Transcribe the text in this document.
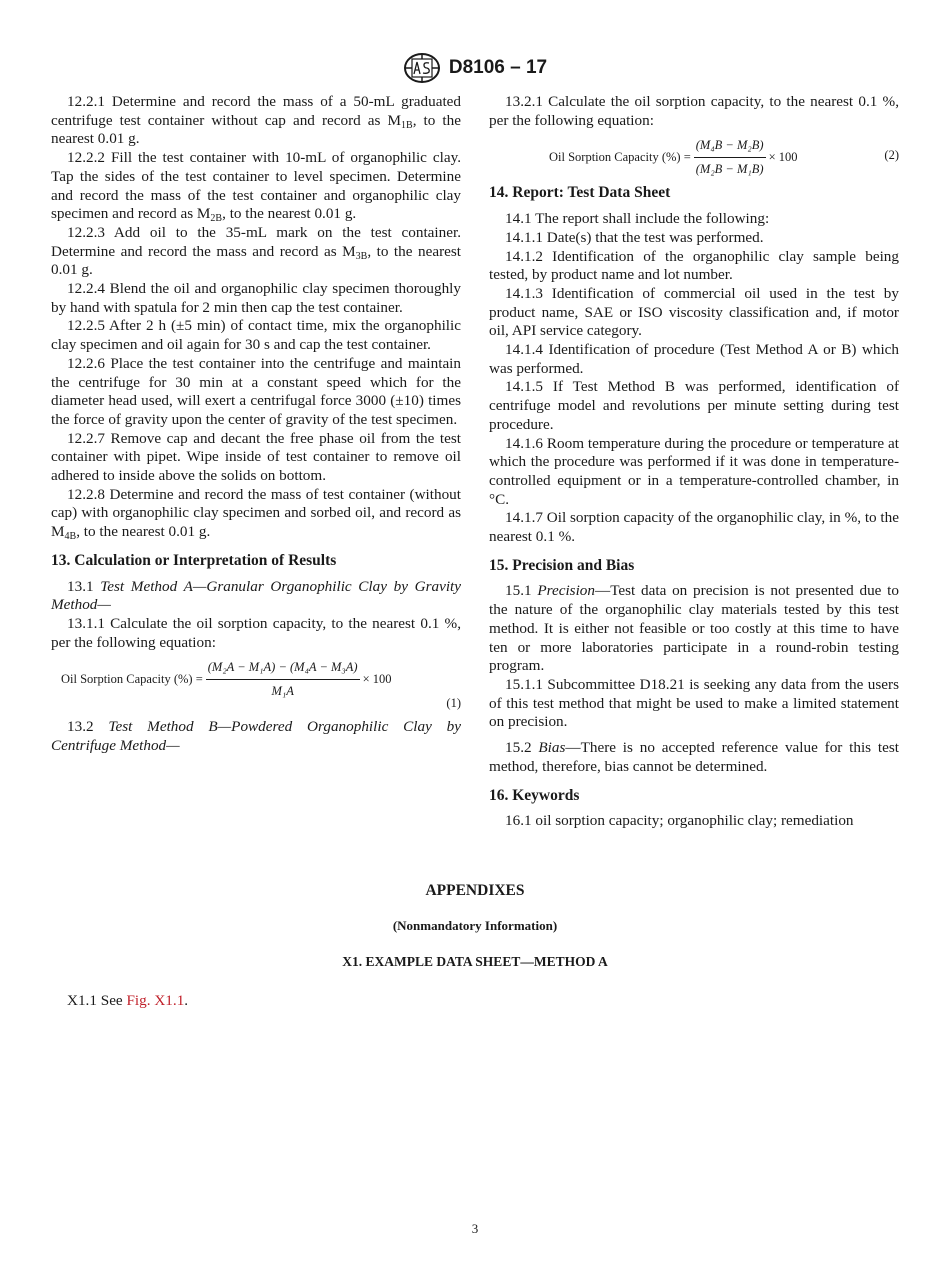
D8106 – 17

12.2.1 Determine and record the mass of a 50-mL graduated centrifuge test container without cap and record as $M_{1B}$, to the nearest 0.01 g.

12.2.2 Fill the test container with 10-mL of organophilic clay. Tap the sides of the test container to level specimen. Determine and record the mass of the test container and organophilic clay specimen and record as $M_{2B}$, to the nearest 0.01 g.

12.2.3 Add oil to the 35-mL mark on the test container. Determine and record the mass and record as $M_{3B}$, to the nearest 0.01 g.

12.2.4 Blend the oil and organophilic clay specimen thoroughly by hand with spatula for 2 min then cap the test container.

12.2.5 After 2 h (±5 min) of contact time, mix the organophilic clay specimen and oil again for 30 s and cap the test container.

12.2.6 Place the test container into the centrifuge and maintain the centrifuge for 30 min at a constant speed which for the diameter head used, will exert a centrifugal force 3000 (±10) times the force of gravity upon the center of gravity of the test specimen.

12.2.7 Remove cap and decant the free phase oil from the test container with pipet. Wipe inside of test container to remove oil adhered to inside above the solids on bottom.

12.2.8 Determine and record the mass of test container (without cap) with organophilic clay specimen and sorbed oil, and record as $M_{4B}$, to the nearest 0.01 g.

13. Calculation or Interpretation of Results

13.1 Test Method A—Granular Organophilic Clay by Gravity Method—

13.1.1 Calculate the oil sorption capacity, to the nearest 0.1 %, per the following equation:

Oil Sorption Capacity (%) = $\frac{\text{(M₂A − M₁A) − (M₄A − M₃A)}}{\text{M₁A}} \times 100$
(1)

13.2 Test Method B—Powdered Organophilic Clay by Centrifuge Method—

13.2.1 Calculate the oil sorption capacity, to the nearest 0.1 %, per the following equation:

Oil Sorption Capacity (%) = $\frac{\text{(M₄B − M₂B)}}{\text{(M₂B − M₁B)}} \times 100$	(2)

14. Report: Test Data Sheet

14.1 The report shall include the following:

14.1.1 Date(s) that the test was performed.

14.1.2 Identification of the organophilic clay sample being tested, by product name and lot number.

14.1.3 Identification of commercial oil used in the test by product name, SAE or ISO viscosity classification and, if motor oil, API service category.

14.1.4 Identification of procedure (Test Method A or B) which was performed.

14.1.5 If Test Method B was performed, identification of centrifuge model and revolutions per minute setting during test procedure.

14.1.6 Room temperature during the procedure or temperature at which the procedure was performed if it was done in temperature-controlled equipment or in a temperature-controlled chamber, in °C.

14.1.7 Oil sorption capacity of the organophilic clay, in %, to the nearest 0.1 %.

15. Precision and Bias

15.1 Precision—Test data on precision is not presented due to the nature of the organophilic clay materials tested by this test method. It is either not feasible or too costly at this time to have ten or more laboratories participate in a round-robin testing program.

15.1.1 Subcommittee D18.21 is seeking any data from the users of this test method that might be used to make a limited statement on precision.

15.2 Bias—There is no accepted reference value for this test method, therefore, bias cannot be determined.

16. Keywords

16.1 oil sorption capacity; organophilic clay; remediation

APPENDIXES
(Nonmandatory Information)
X1. EXAMPLE DATA SHEET—METHOD A
X1.1 See Fig. X1.1.
3
